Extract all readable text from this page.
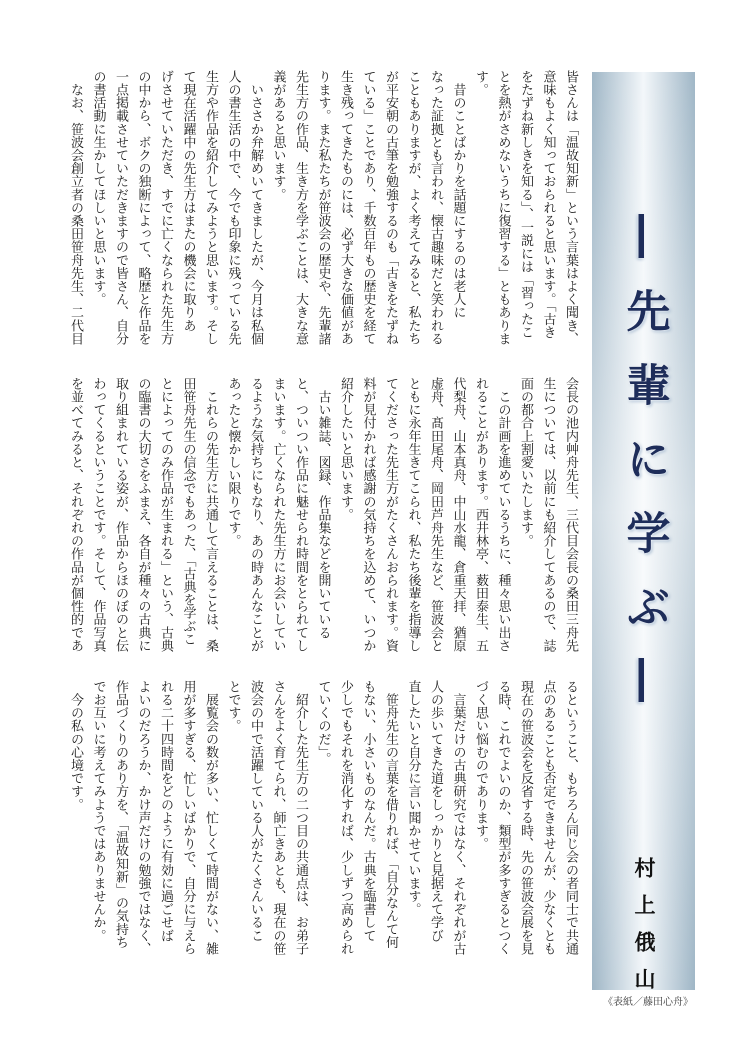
皆さんは「温故知新」という言葉はよく聞き、
意味もよく知っておられると思います。「古き
をたずね新しきを知る」、一説には「習ったこ
とを熱がさめないうちに復習する」ともありま
す。
　昔のことばかりを話題にするのは老人に
なった証拠とも言われ、懐古趣味だと笑われる
こともありますが、よく考えてみると、私たち
が平安朝の古筆を勉強するのも「古きをたずね
ている」ことであり、千数百年もの歴史を経て
生き残ってきたものには、必ず大きな価値があ
ります。また私たちが笹波会の歴史や、先輩諸
先生方の作品、生き方を学ぶことは、大きな意
義があると思います。
　いささか弁解めいてきましたが、今月は私個
人の書生活の中で、今でも印象に残っている先
生方や作品を紹介してみようと思います。そし
て現在活躍中の先生方はまたの機会に取りあ
げさせていただき、すでに亡くなられた先生方
の中から、ボクの独断によって、略歴と作品を
一点掲載させていただきますので皆さん、自分
の書活動に生かしてほしいと思います。
　なお、笹波会創立者の桑田笹舟先生、二代目
会長の池内艸舟先生、三代目会長の桑田三舟先
生については、以前にも紹介してあるので、誌
面の都合上割愛いたします。
　この計画を進めているうちに、種々思い出さ
れることがあります。西井林亭、薮田泰生、五
代梨舟、山本真舟、中山水龍、倉重天拝、猶原
虚舟、髙田尾舟、岡田芦舟先生など、笹波会と
ともに永年生きてこられ、私たち後輩を指導し
てくださった先生方がたくさんおられます。資
料が見付かれば感謝の気持ちを込めて、いつか
紹介したいと思います。
　古い雑誌、図録、作品集などを開いている
と、ついつい作品に魅せられ時間をとられてし
まいます。亡くなられた先生方にお会いしてい
るような気持ちにもなり、あの時あんなことが
あったと懐かしい限りです。
　これらの先生方に共通して言えることは、桑
田笹舟先生の信念でもあった、「古典を学ぶこ
とによってのみ作品が生まれる」という、古典
の臨書の大切さをふまえ、各自が種々の古典に
取り組まれている姿が、作品からほのぼのと伝
わってくるということです。そして、作品写真
を並べてみると、それぞれの作品が個性的であ
るということ、もちろん同じ会の者同士で共通
点のあることも否定できませんが、少なくとも
現在の笹波会を反省する時、先の笹波会展を見
る時、これでよいのか、類型が多すぎるとつく
づく思い悩むのであります。
　言葉だけの古典研究ではなく、それぞれが古
人の歩いてきた道をしっかりと見据えて学び
直したいと自分に言い聞かせています。
　笹舟先生の言葉を借りれば、「自分なんて何
もない、小さいものなんだ。古典を臨書して
少しでもそれを消化すれば、少しずつ高められ
ていくのだ」。
　紹介した先生方の二つ目の共通点は、お弟子
さんをよく育てられ、師亡きあとも、現在の笹
波会の中で活躍している人がたくさんいるこ
とです。
　展覧会の数が多い、忙しくて時間がない、雑
用が多すぎる、忙しいばかりで、自分に与えら
れる二十四時間をどのように有効に過ごせば
よいのだろうか、かけ声だけの勉強ではなく、
作品づくりのあり方を、「温故知新」の気持ち
でお互いに考えてみようではありませんか。
　今の私の心境です。
―先輩に学ぶ―
村上俄山
《表紙／藤田心舟》
